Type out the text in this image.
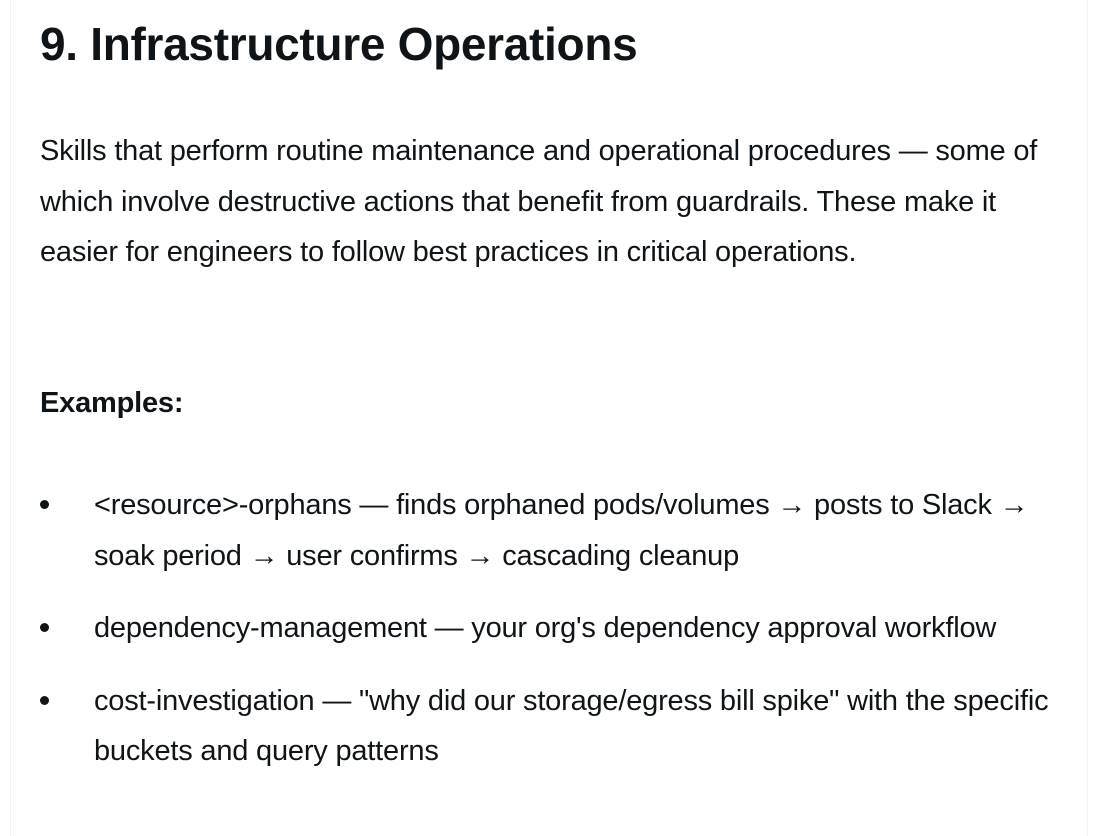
9. Infrastructure Operations

Skills that perform routine maintenance and operational procedures — some of which involve destructive actions that benefit from guardrails. These make it easier for engineers to follow best practices in critical operations.

Examples:

<resource>-orphans — finds orphaned pods/volumes → posts to Slack → soak period → user confirms → cascading cleanup
dependency-management — your org's dependency approval workflow
cost-investigation — "why did our storage/egress bill spike" with the specific buckets and query patterns
